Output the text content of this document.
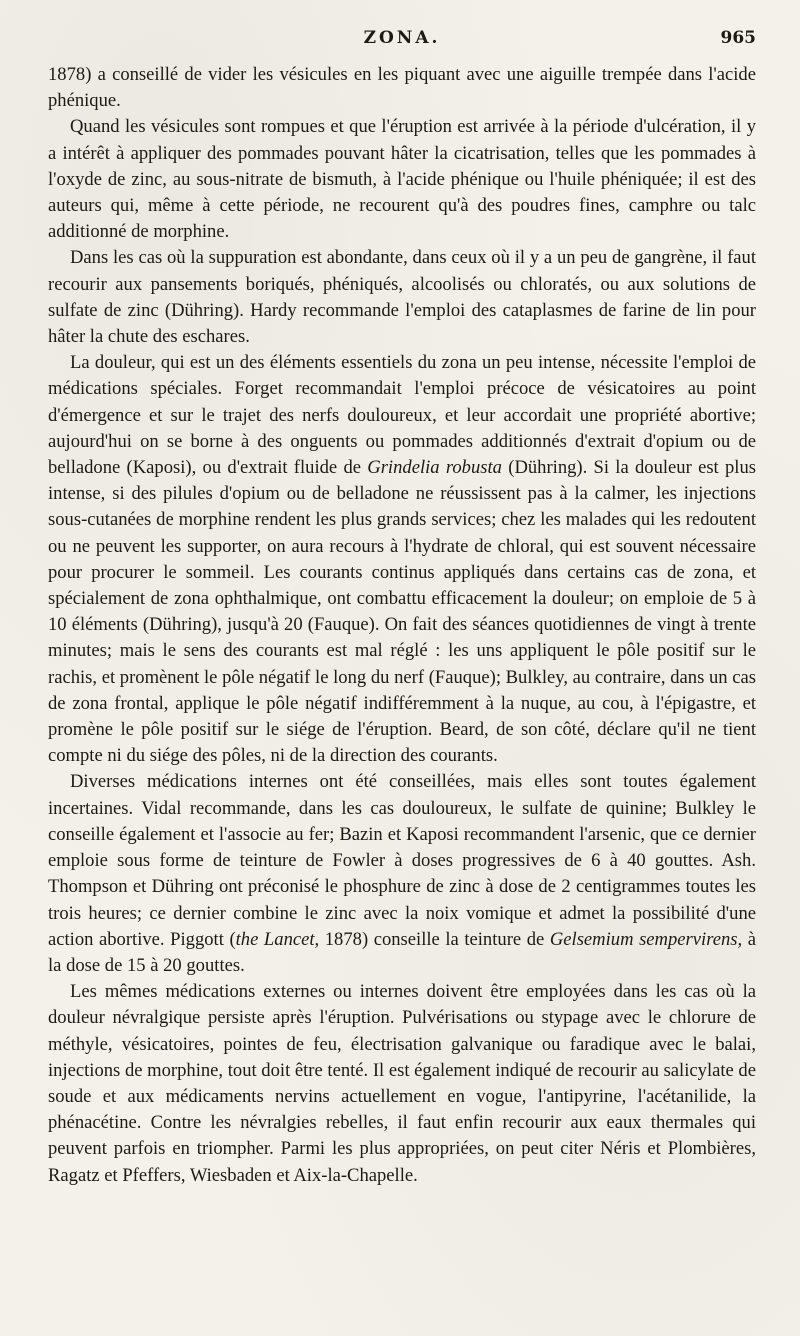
ZONA.	965

1878) a conseillé de vider les vésicules en les piquant avec une aiguille trempée dans l'acide phénique.

Quand les vésicules sont rompues et que l'éruption est arrivée à la période d'ulcération, il y a intérêt à appliquer des pommades pouvant hâter la cicatrisation, telles que les pommades à l'oxyde de zinc, au sous-nitrate de bismuth, à l'acide phénique ou l'huile phéniquée; il est des auteurs qui, même à cette période, ne recourent qu'à des poudres fines, camphre ou talc additionné de morphine.

Dans les cas où la suppuration est abondante, dans ceux où il y a un peu de gangrène, il faut recourir aux pansements boriqués, phéniqués, alcoolisés ou chloratés, ou aux solutions de sulfate de zinc (Dühring). Hardy recommande l'emploi des cataplasmes de farine de lin pour hâter la chute des eschares.

La douleur, qui est un des éléments essentiels du zona un peu intense, nécessite l'emploi de médications spéciales. Forget recommandait l'emploi précoce de vésicatoires au point d'émergence et sur le trajet des nerfs douloureux, et leur accordait une propriété abortive; aujourd'hui on se borne à des onguents ou pommades additionnés d'extrait d'opium ou de belladone (Kaposi), ou d'extrait fluide de Grindelia robusta (Dühring). Si la douleur est plus intense, si des pilules d'opium ou de belladone ne réussissent pas à la calmer, les injections sous-cutanées de morphine rendent les plus grands services; chez les malades qui les redoutent ou ne peuvent les supporter, on aura recours à l'hydrate de chloral, qui est souvent nécessaire pour procurer le sommeil. Les courants continus appliqués dans certains cas de zona, et spécialement de zona ophthalmique, ont combattu efficacement la douleur; on emploie de 5 à 10 éléments (Dühring), jusqu'à 20 (Fauque). On fait des séances quotidiennes de vingt à trente minutes; mais le sens des courants est mal réglé : les uns appliquent le pôle positif sur le rachis, et promènent le pôle négatif le long du nerf (Fauque); Bulkley, au contraire, dans un cas de zona frontal, applique le pôle négatif indifféremment à la nuque, au cou, à l'épigastre, et promène le pôle positif sur le siége de l'éruption. Beard, de son côté, déclare qu'il ne tient compte ni du siége des pôles, ni de la direction des courants.

Diverses médications internes ont été conseillées, mais elles sont toutes également incertaines. Vidal recommande, dans les cas douloureux, le sulfate de quinine; Bulkley le conseille également et l'associe au fer; Bazin et Kaposi recommandent l'arsenic, que ce dernier emploie sous forme de teinture de Fowler à doses progressives de 6 à 40 gouttes. Ash. Thompson et Dühring ont préconisé le phosphure de zinc à dose de 2 centigrammes toutes les trois heures; ce dernier combine le zinc avec la noix vomique et admet la possibilité d'une action abortive. Piggott (the Lancet, 1878) conseille la teinture de Gelsemium sempervirens, à la dose de 15 à 20 gouttes.

Les mêmes médications externes ou internes doivent être employées dans les cas où la douleur névralgique persiste après l'éruption. Pulvérisations ou stypage avec le chlorure de méthyle, vésicatoires, pointes de feu, électrisation galvanique ou faradique avec le balai, injections de morphine, tout doit être tenté. Il est également indiqué de recourir au salicylate de soude et aux médicaments nervins actuellement en vogue, l'antipyrine, l'acétanilide, la phénacétine. Contre les névralgies rebelles, il faut enfin recourir aux eaux thermales qui peuvent parfois en triompher. Parmi les plus appropriées, on peut citer Néris et Plombières, Ragatz et Pfeffers, Wiesbaden et Aix-la-Chapelle.
